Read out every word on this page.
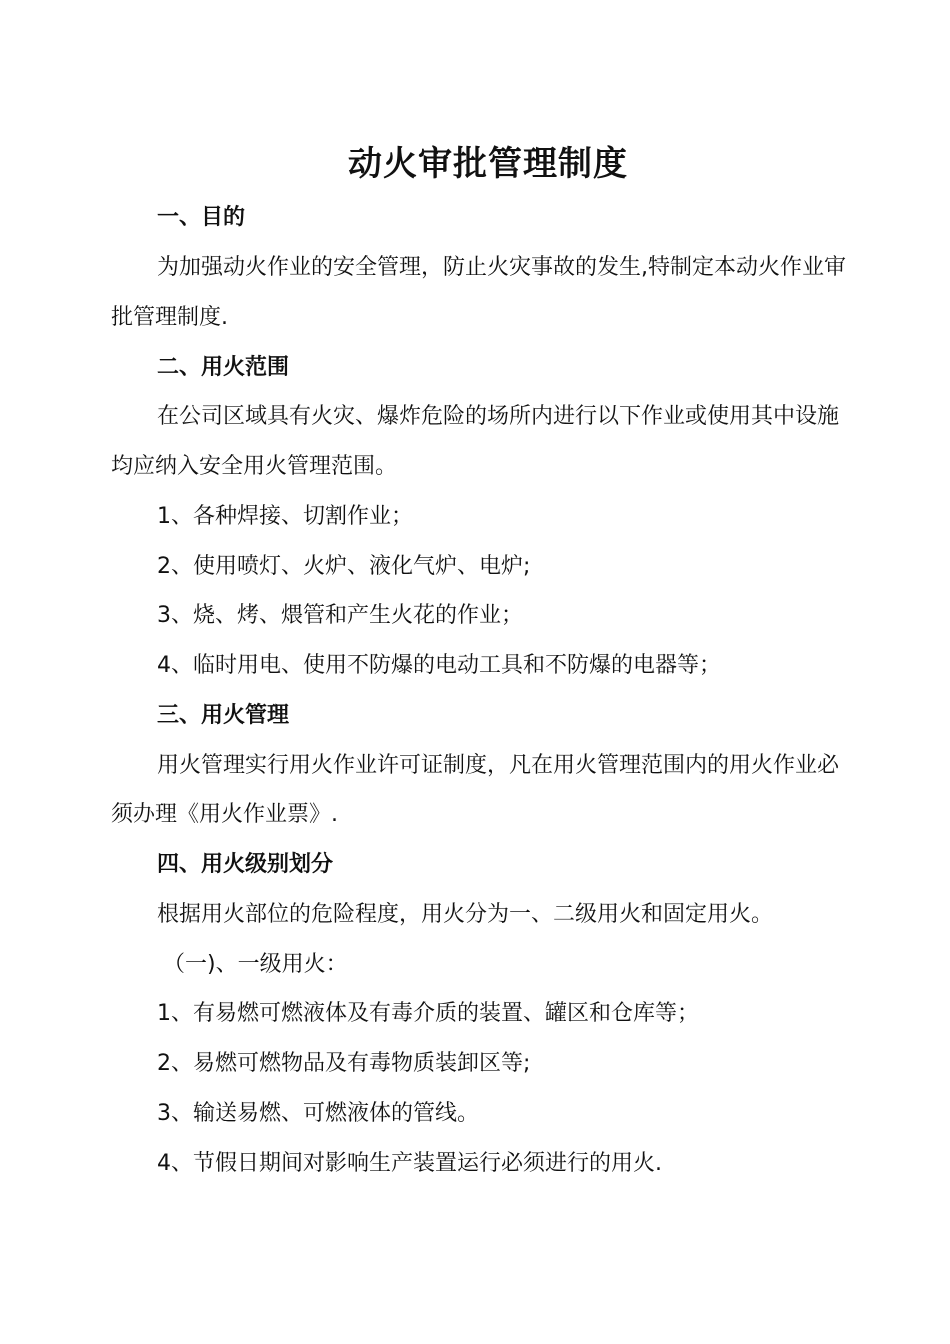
动火审批管理制度
一、目的
为加强动火作业的安全管理，防止火灾事故的发生,特制定本动火作业审
批管理制度.
二、用火范围
在公司区域具有火灾、爆炸危险的场所内进行以下作业或使用其中设施
均应纳入安全用火管理范围。
1、各种焊接、切割作业；
2、使用喷灯、火炉、液化气炉、电炉;
3、烧、烤、煨管和产生火花的作业；
4、临时用电、使用不防爆的电动工具和不防爆的电器等；
三、用火管理
用火管理实行用火作业许可证制度，凡在用火管理范围内的用火作业必
须办理《用火作业票》.
四、用火级别划分
根据用火部位的危险程度，用火分为一、二级用火和固定用火。
（一)、一级用火：
1、有易燃可燃液体及有毒介质的装置、罐区和仓库等；
2、易燃可燃物品及有毒物质装卸区等;
3、输送易燃、可燃液体的管线。
4、节假日期间对影响生产装置运行必须进行的用火.
